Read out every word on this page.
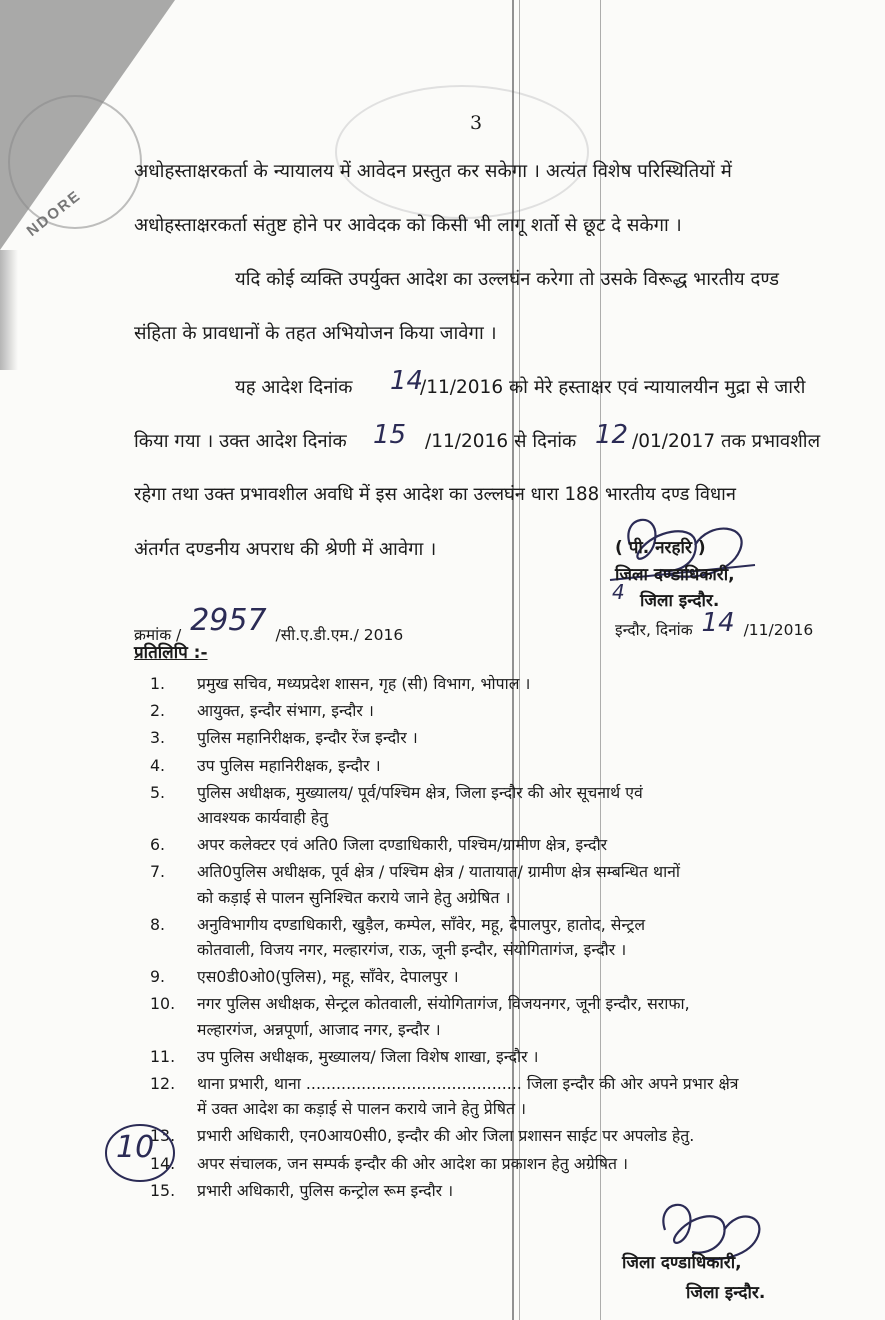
NDORE
3
अधोहस्ताक्षरकर्ता के न्यायालय में आवेदन प्रस्तुत कर सकेगा । अत्यंत विशेष परिस्थितियों में
अधोहस्ताक्षरकर्ता संतुष्ट होने पर आवेदक को किसी भी लागू शर्तो से छूट दे सकेगा ।
यदि कोई व्यक्ति उपर्युक्त आदेश का उल्लघंन करेगा तो उसके विरूद्ध भारतीय दण्ड
संहिता के प्रावधानों के तहत अभियोजन किया जावेगा ।
यह आदेश दिनांक 14
/11/2016 को मेरे हस्ताक्षर एवं न्यायालयीन मुद्रा से जारी
किया गया । उक्त आदेश दिनांक 15 /11/2016 से दिनांक 12 /01/2017 तक प्रभावशील
रहेगा तथा उक्त प्रभावशील अवधि में इस आदेश का उल्लघंन धारा 188 भारतीय दण्ड विधान
अंतर्गत दण्डनीय अपराध की श्रेणी में आवेगा ।	( पी. नरहरि )
जिला दण्डाधिकारी,
4 जिला इन्दौर.
क्रमांक / 2957 /सी.ए.डी.एम./ 2016	इन्दौर, दिनांक 14 /11/2016
प्रतिलिपि :-
1.	प्रमुख सचिव, मध्यप्रदेश शासन, गृह (सी) विभाग, भोपाल ।
2.	आयुक्त, इन्दौर संभाग, इन्दौर ।
3.	पुलिस महानिरीक्षक, इन्दौर रेंज इन्दौर ।
4.	उप पुलिस महानिरीक्षक, इन्दौर ।
5.	पुलिस अधीक्षक, मुख्यालय/ पूर्व/पश्चिम क्षेत्र, जिला इन्दौर की ओर सूचनार्थ एवं
आवश्यक कार्यवाही हेतु
6.	अपर कलेक्टर एवं अति0 जिला दण्डाधिकारी, पश्चिम/ग्रामीण क्षेत्र, इन्दौर
7.	अति0पुलिस अधीक्षक, पूर्व क्षेत्र / पश्चिम क्षेत्र / यातायात/ ग्रामीण क्षेत्र सम्बन्धित थानों
को कड़ाई से पालन सुनिश्चित कराये जाने हेतु अग्रेषित ।
8.	अनुविभागीय दण्डाधिकारी, खुड़ैल, कम्पेल, साँवेर, महू, देपालपुर, हातोद, सेन्ट्रल
कोतवाली, विजय नगर, मल्हारगंज, राऊ, जूनी इन्दौर, संयोगितागंज, इन्दौर ।
9.	एस0डी0ओ0(पुलिस), महू, साँवेर, देपालपुर ।
10.	नगर पुलिस अधीक्षक, सेन्ट्रल कोतवाली, संयोगितागंज, विजयनगर, जूनी इन्दौर, सराफा,
मल्हारगंज, अन्नपूर्णा, आजाद नगर, इन्दौर ।
11.	उप पुलिस अधीक्षक, मुख्यालय/ जिला विशेष शाखा, इन्दौर ।
12.	थाना प्रभारी, थाना ........................................... जिला इन्दौर की ओर अपने प्रभार क्षेत्र
में उक्त आदेश का कड़ाई से पालन कराये जाने हेतु प्रेषित ।
13.	प्रभारी अधिकारी, एन0आय0सी0, इन्दौर की ओर जिला प्रशासन साईट पर अपलोड हेतु.
14.	अपर संचालक, जन सम्पर्क इन्दौर की ओर आदेश का प्रकाशन हेतु अग्रेषित ।
15.	प्रभारी अधिकारी, पुलिस कन्ट्रोल रूम इन्दौर ।
10
जिला दण्डाधिकारी,
जिला इन्दौर.
